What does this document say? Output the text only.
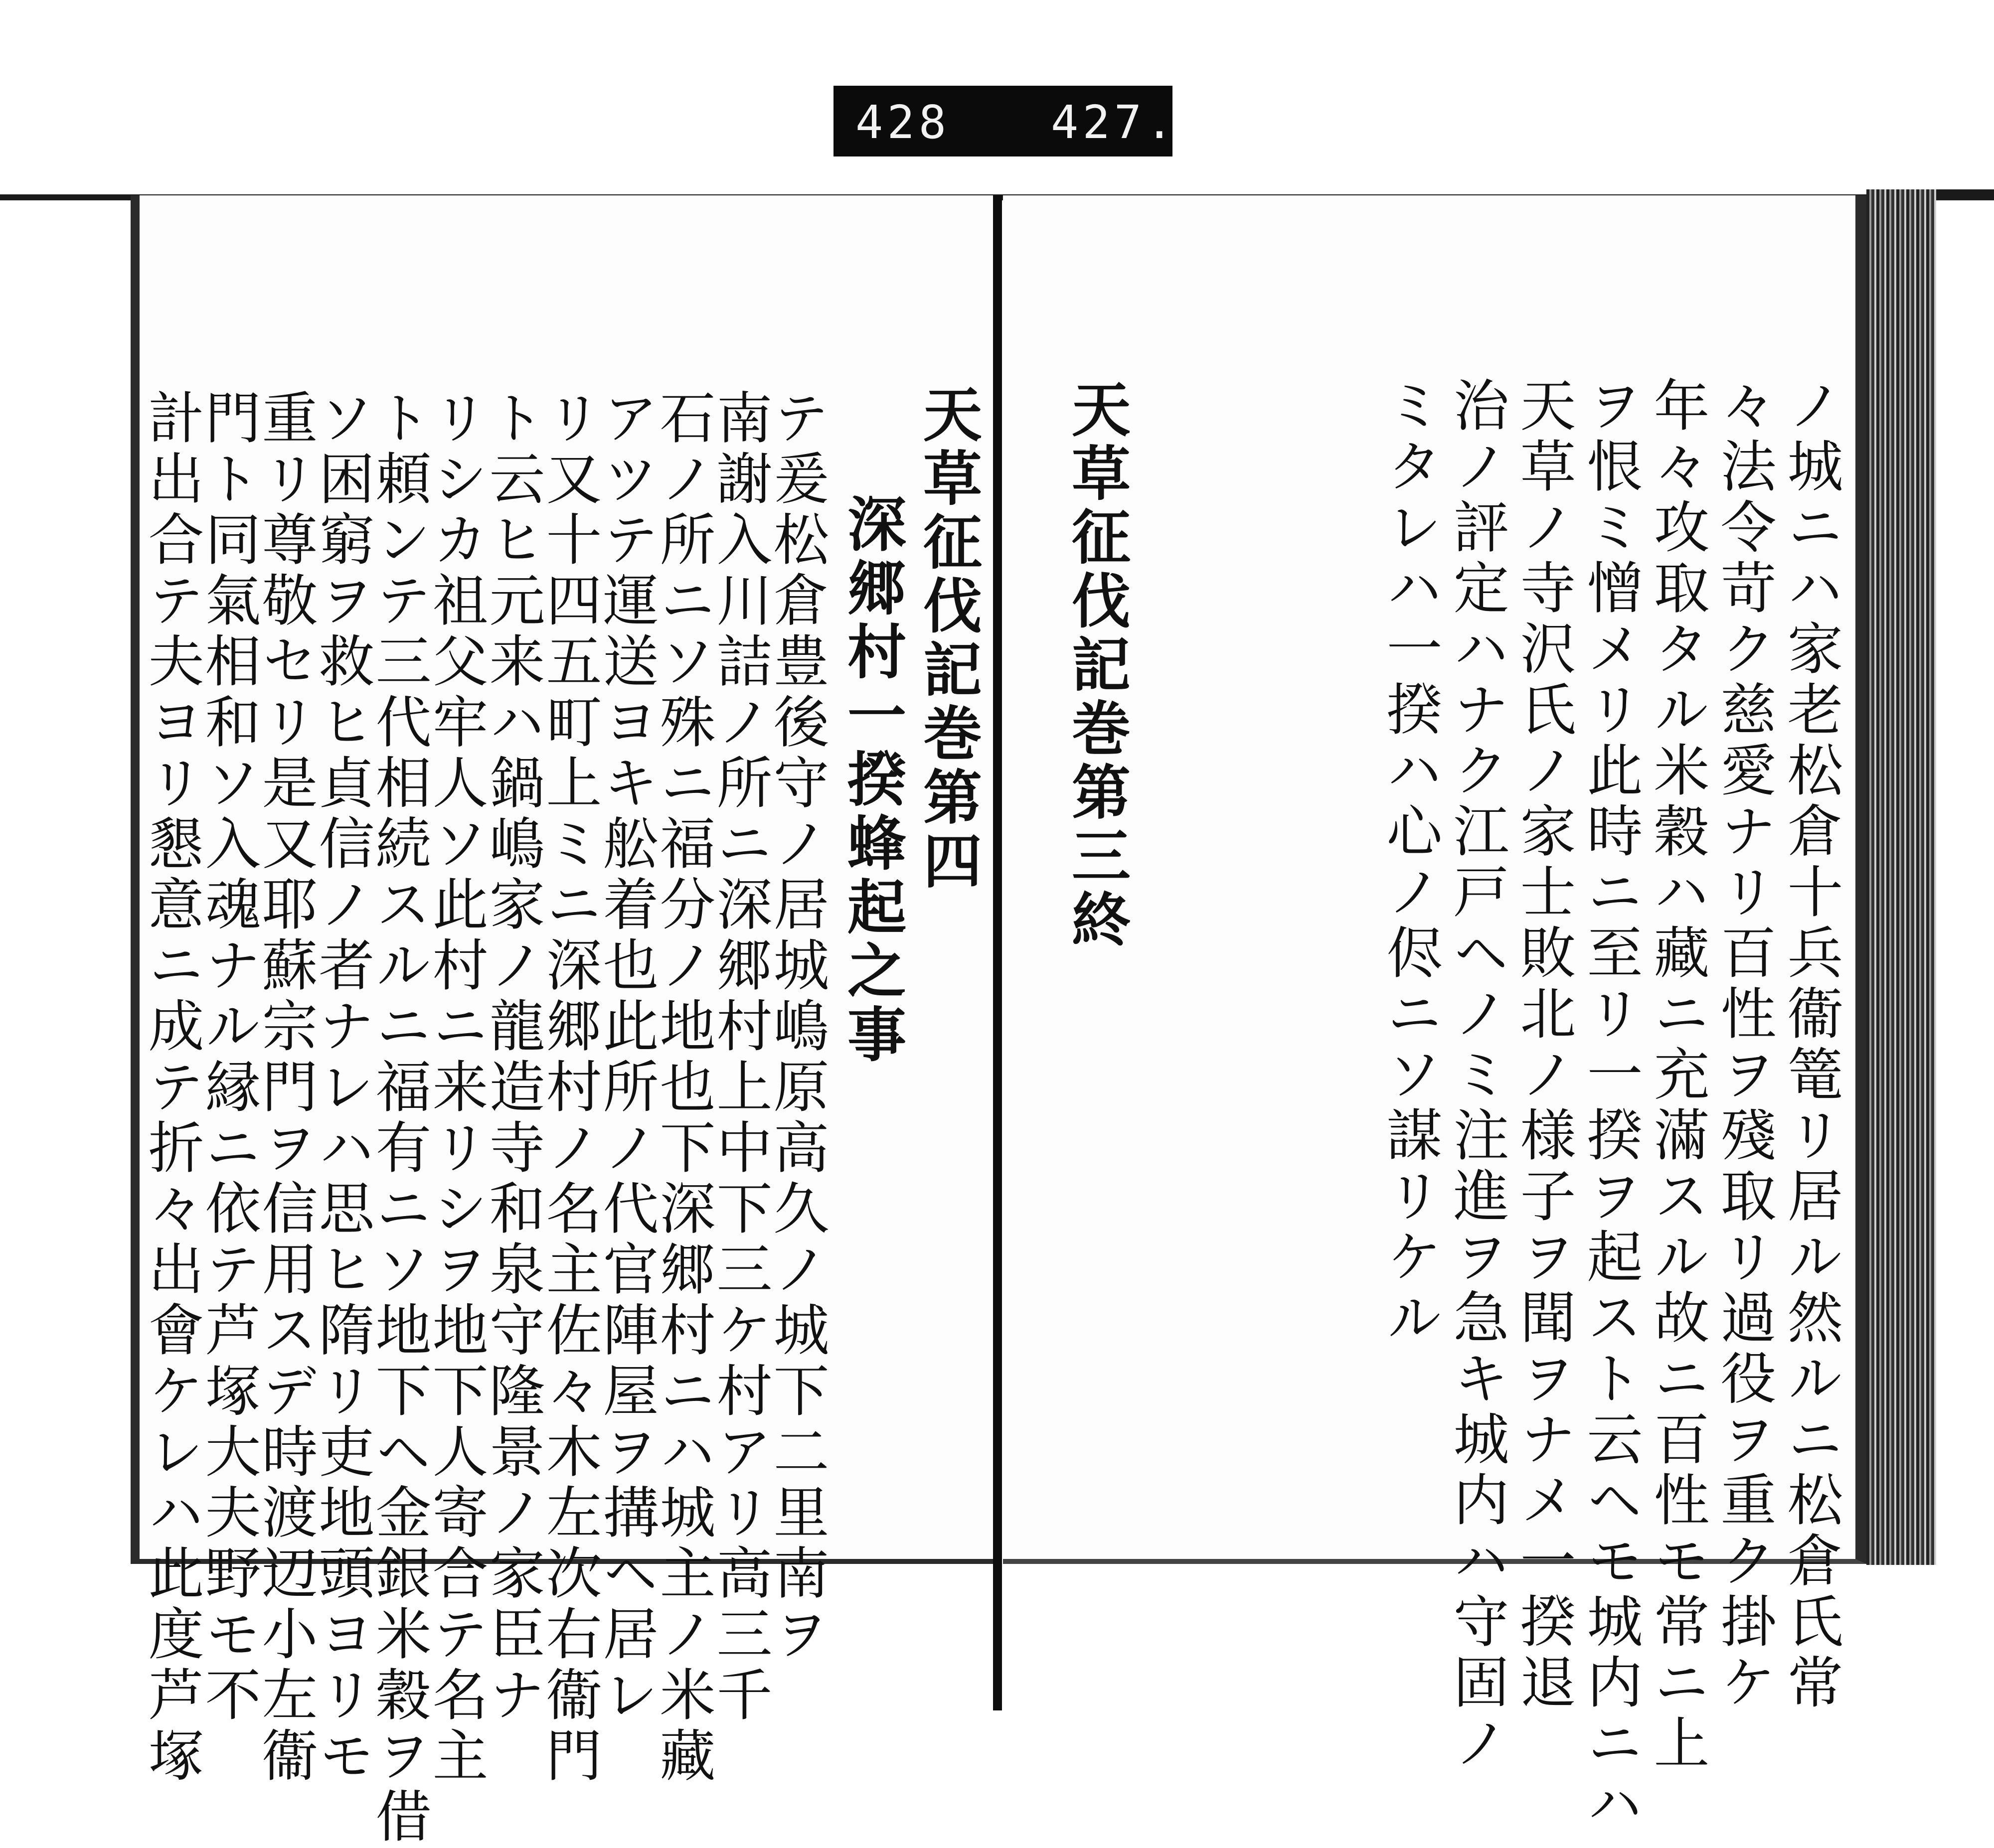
428 427.
ノ城ニハ家老松倉十兵衞篭リ居ル然ルニ松倉氏常
々法令苛ク慈愛ナリ百性ヲ殘取リ過役ヲ重ク掛ケ
年々攻取タル米穀ハ藏ニ充滿スル故ニ百性モ常ニ上
ヲ恨ミ憎メリ此時ニ至リ一揆ヲ起スト云ヘモ城内ニハ
天草ノ寺沢氏ノ家士敗北ノ様子ヲ聞ヲナメ一揆退
治ノ評定ハナク江戸ヘノミ注進ヲ急キ城内ハ守固ノ
ミタレハ一揆ハ心ノ侭ニソ謀リケル
天草征伐記巻第三終
天草征伐記巻第四
深郷村一揆蜂起之事
テ爰松倉豊後守ノ居城嶋原高久ノ城下二里南ヲ
南謝入川詰ノ所ニ深郷村上中下三ケ村アリ高三千
石ノ所ニソ殊ニ福分ノ地也下深郷村ニハ城主ノ米藏
アツテ運送ヨキ舩着也此所ノ代官陣屋ヲ搆ヘ居レ
リ又十四五町上ミニ深郷村ノ名主佐々木左次右衞門
ト云ヒ元来ハ鍋嶋家ノ龍造寺和泉守隆景ノ家臣ナ
リシカ祖父牢人ソ此村ニ来リシヲ地下人寄合テ名主
ト頼ンテ三代相続スルニ福有ニソ地下ヘ金銀米穀ヲ借
ソ困窮ヲ救ヒ貞信ノ者ナレハ思ヒ隋リ吏地頭ヨリモ
重リ尊敬セリ是又耶蘇宗門ヲ信用スデ時渡辺小左衞
門ト同氣相和ソ入魂ナル縁ニ依テ芦塚大夫野モ不
計出合テ夫ヨリ懇意ニ成テ折々出會ケレハ此度芦塚
